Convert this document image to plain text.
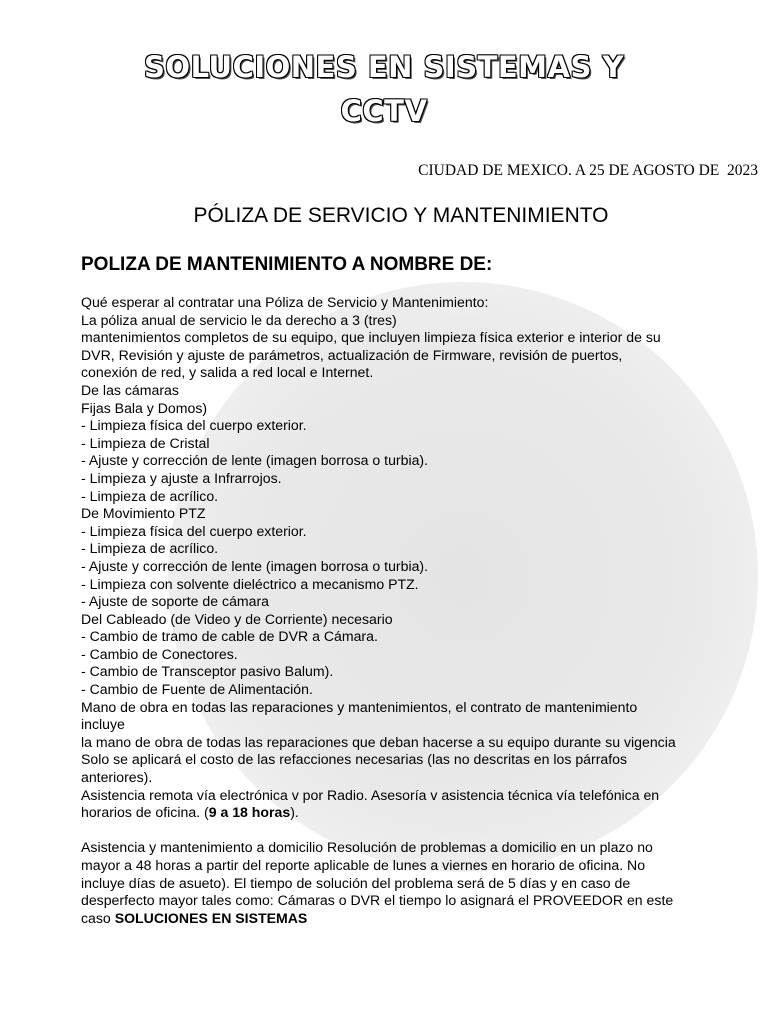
SOLUCIONES EN SISTEMAS Y
CCTV
CIUDAD DE MEXICO. A 25 DE AGOSTO DE  2023
PÓLIZA DE SERVICIO Y MANTENIMIENTO
POLIZA DE MANTENIMIENTO A NOMBRE DE:
Qué esperar al contratar una Póliza de Servicio y Mantenimiento:
La póliza anual de servicio le da derecho a 3 (tres)
mantenimientos completos de su equipo, que incluyen limpieza física exterior e interior de su
DVR, Revisión y ajuste de parámetros, actualización de Firmware, revisión de puertos,
conexión de red, y salida a red local e Internet.
De las cámaras
Fijas Bala y Domos)
- Limpieza física del cuerpo exterior.
- Limpieza de Cristal
- Ajuste y corrección de lente (imagen borrosa o turbia).
- Limpieza y ajuste a Infrarrojos.
- Limpieza de acrílico.
De Movimiento PTZ
- Limpieza física del cuerpo exterior.
- Limpieza de acrílico.
- Ajuste y corrección de lente (imagen borrosa o turbia).
- Limpieza con solvente dieléctrico a mecanismo PTZ.
- Ajuste de soporte de cámara
Del Cableado (de Video y de Corriente) necesario
- Cambio de tramo de cable de DVR a Cámara.
- Cambio de Conectores.
- Cambio de Transceptor pasivo Balum).
- Cambio de Fuente de Alimentación.
Mano de obra en todas las reparaciones y mantenimientos, el contrato de mantenimiento
incluye
la mano de obra de todas las reparaciones que deban hacerse a su equipo durante su vigencia
Solo se aplicará el costo de las refacciones necesarias (las no descritas en los párrafos
anteriores).
Asistencia remota vía electrónica v por Radio. Asesoría v asistencia técnica vía telefónica en
horarios de oficina. (9 a 18 horas).
Asistencia y mantenimiento a domicilio Resolución de problemas a domicilio en un plazo no
mayor a 48 horas a partir del reporte aplicable de lunes a viernes en horario de oficina. No
incluye días de asueto). El tiempo de solución del problema será de 5 días y en caso de
desperfecto mayor tales como: Cámaras o DVR el tiempo lo asignará el PROVEEDOR en este
caso SOLUCIONES EN SISTEMAS
